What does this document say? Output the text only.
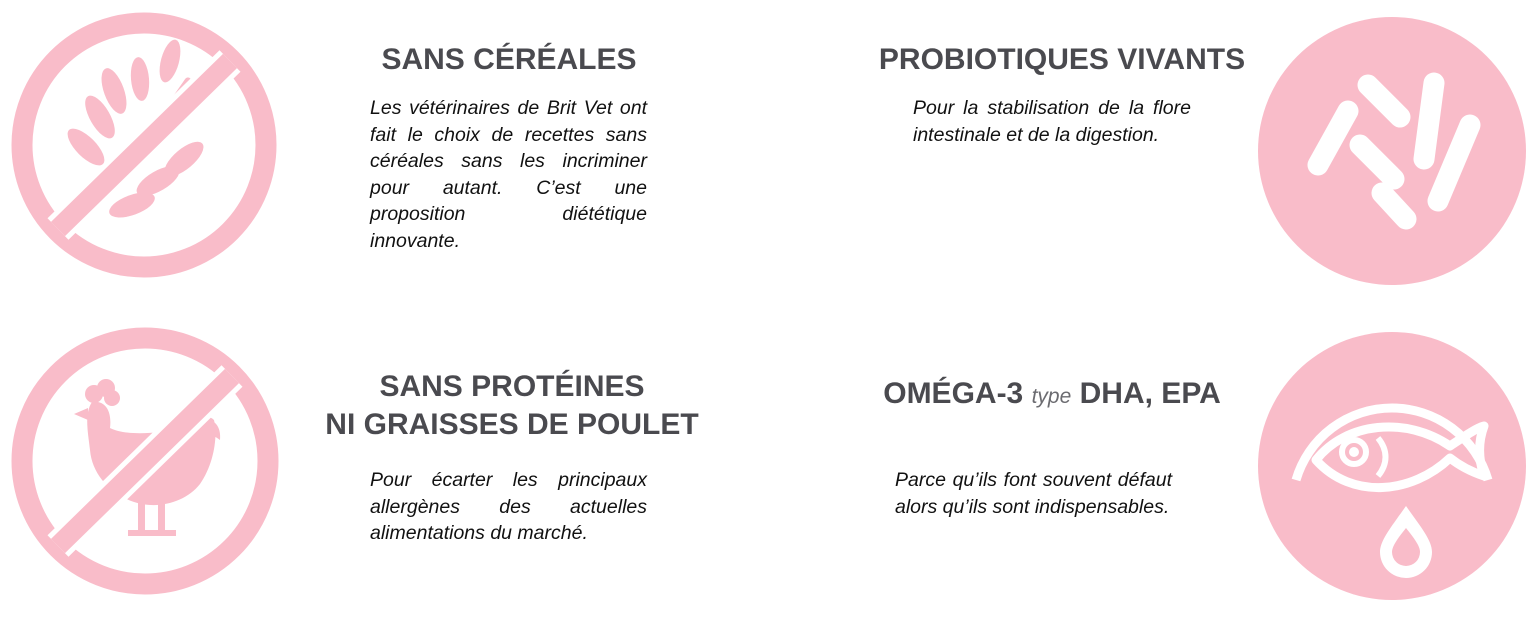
SANS CÉRÉALES

Les vétérinaires de Brit Vet ont fait le choix de recettes sans céréales sans les incriminer pour autant. C’est une proposition diététique innovante.

PROBIOTIQUES VIVANTS

Pour la stabilisation de la flore intestinale et de la digestion.

SANS PROTÉINES
NI GRAISSES DE POULET

Pour écarter les principaux allergènes des actuelles alimentations du marché.

OMÉGA-3 type DHA, EPA

Parce qu’ils font souvent défaut alors qu’ils sont indispensables.
